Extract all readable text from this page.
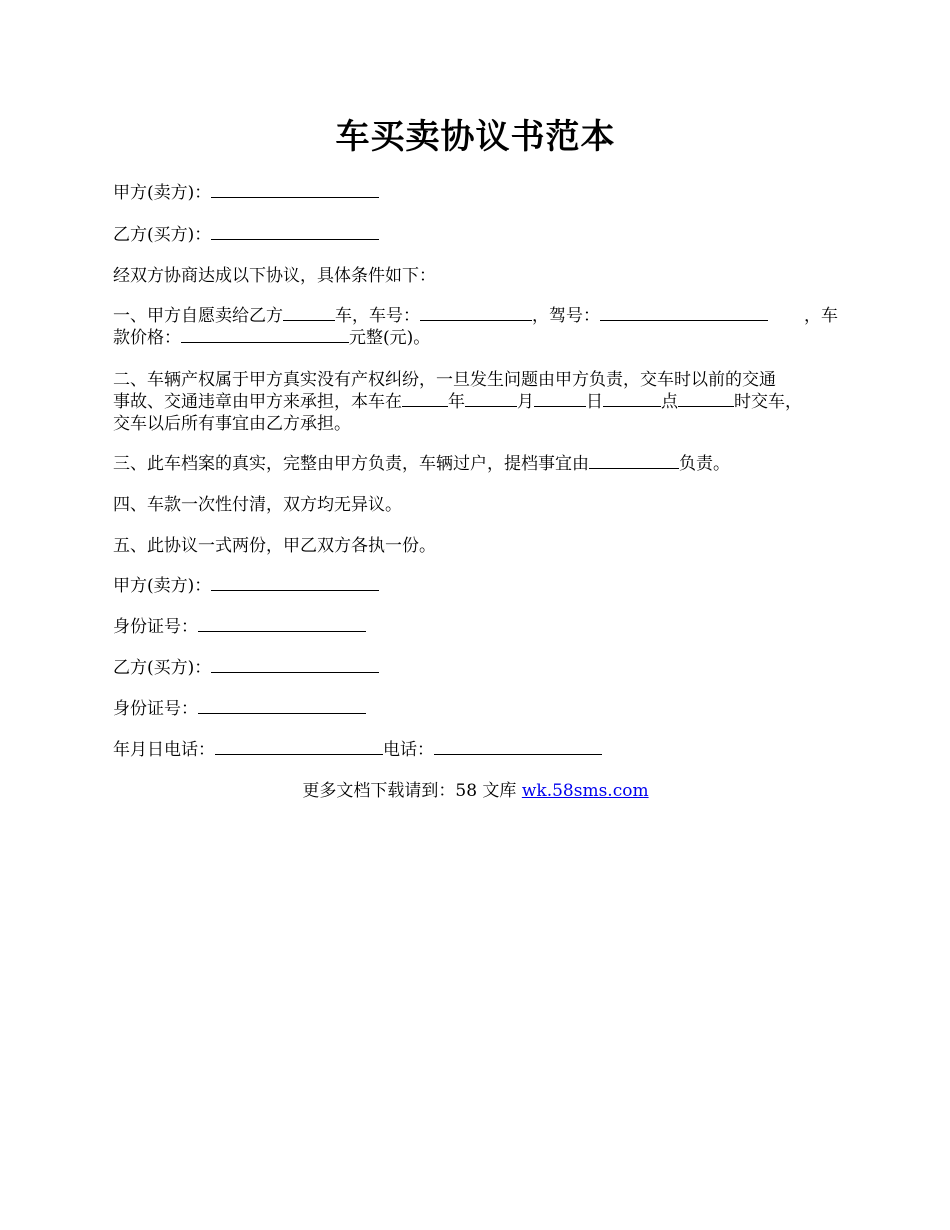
车买卖协议书范本

甲方(卖方)：

乙方(买方)：

经双方协商达成以下协议，具体条件如下：

一、甲方自愿卖给乙方	车，车号：	，驾号：	，车

款价格：	元整(元)。

二、车辆产权属于甲方真实没有产权纠纷，一旦发生问题由甲方负责，交车时以前的交通

事故、交通违章由甲方来承担，本车在	年	月	日	点	时交车，

交车以后所有事宜由乙方承担。

三、此车档案的真实，完整由甲方负责，车辆过户，提档事宜由	负责。

四、车款一次性付清，双方均无异议。

五、此协议一式两份，甲乙双方各执一份。

甲方(卖方)：

身份证号：

乙方(买方)：

身份证号：

年月日电话：	电话：

更多文档下载请到：58 文库 wk.58sms.com
